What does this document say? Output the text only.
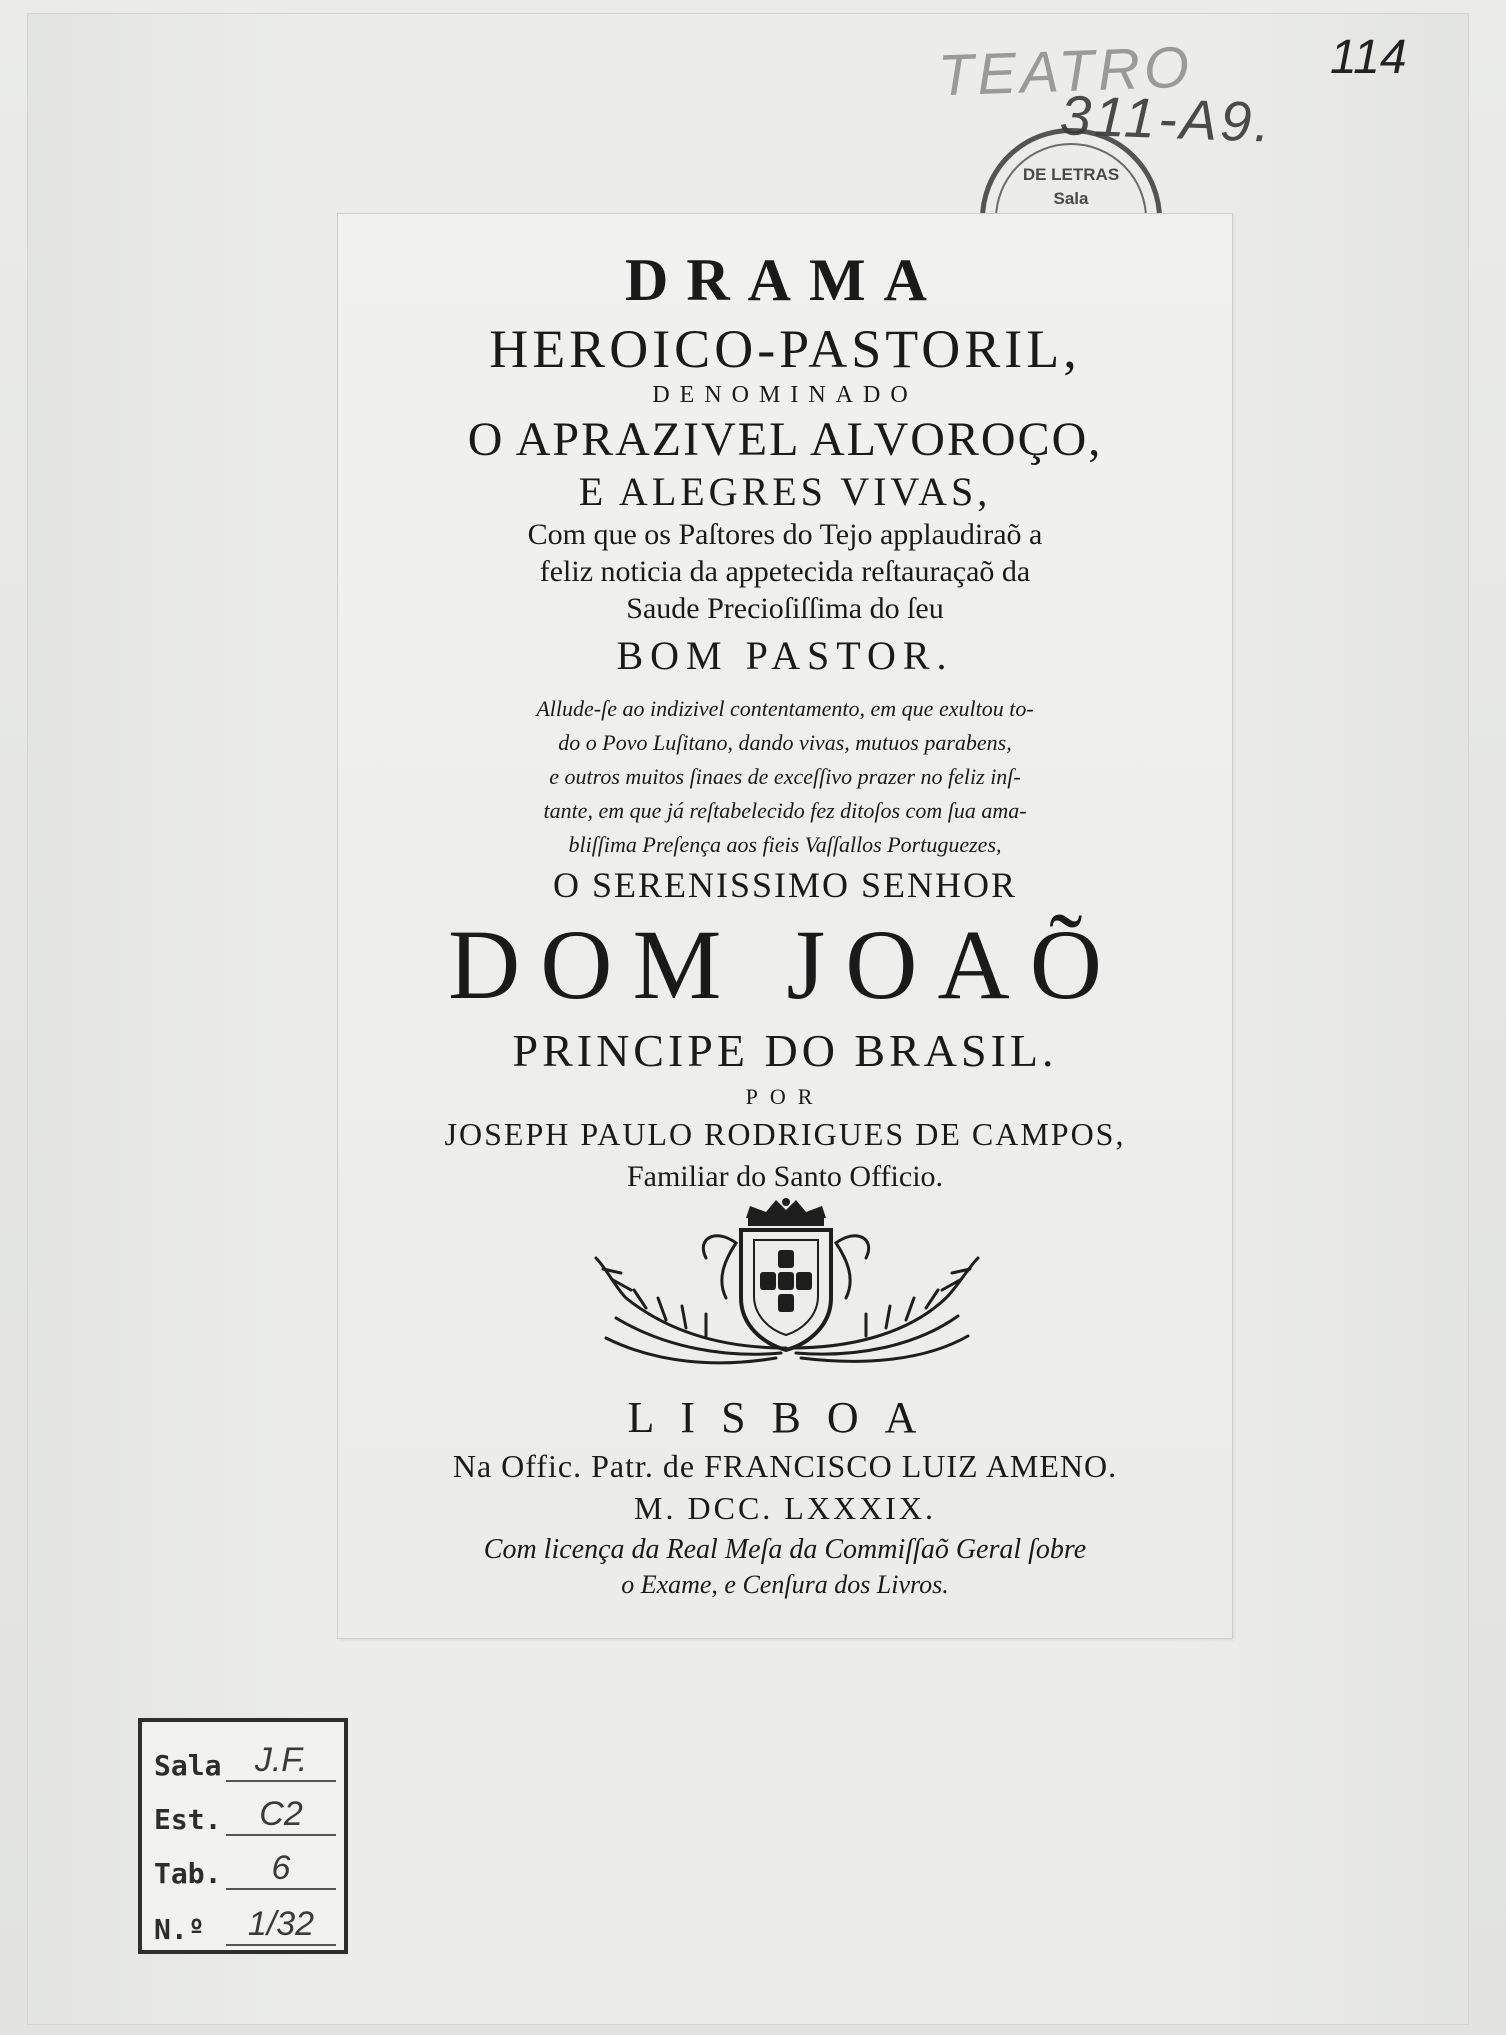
TEATRO
311-A9.
114
DE LETRAS
Sala
DRAMA
HEROICO-PASTORIL,
DENOMINADO
O APRAZIVEL ALVOROÇO,
E ALEGRES VIVAS,
Com que os Paſtores do Tejo applaudiraõ a
feliz noticia da appetecida reſtauraçaõ da
Saude Precioſiſſima do ſeu
BOM PASTOR.
Allude-ſe ao indizivel contentamento, em que exultou to-
do o Povo Luſitano, dando vivas, mutuos parabens,
e outros muitos ſinaes de exceſſivo prazer no feliz inſ-
tante, em que já reſtabelecido fez ditoſos com ſua ama-
bliſſima Preſença aos fieis Vaſſallos Portuguezes,
O SERENISSIMO SENHOR
DOM JOAÕ
PRINCIPE DO BRASIL.
POR
JOSEPH PAULO RODRIGUES DE CAMPOS,
Familiar do Santo Officio.
LISBOA
Na Offic. Patr. de FRANCISCO LUIZ AMENO.
M. DCC. LXXXIX.
Com licença da Real Meſa da Commiſſaõ Geral ſobre
o Exame, e Cenſura dos Livros.
Sala J.F.
Est.	C2
Tab.	6
N.º	1/32
